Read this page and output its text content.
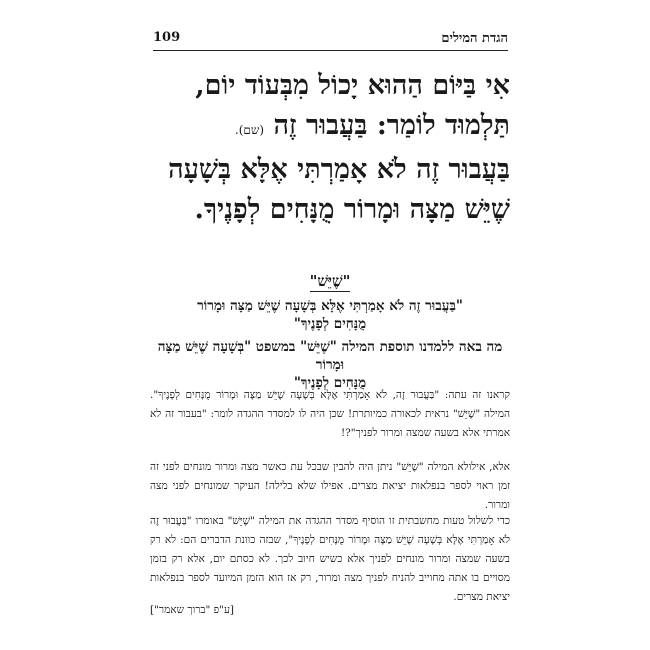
109	הגדת המילים
אִי בַּיּוֹם הַהוּא יָכוֹל מִבְּעוֹד יוֹם,
תַּלְמוּד לוֹמַר: בַּעֲבוּר זֶה (שם).
בַּעֲבוּר זֶה לֹא אָמַרְתִּי אֶלָּא בְּשָׁעָה
שֶׁיֵּשׁ מַצָּה וּמָרוֹר מֻנָּחִים לְפָנֶיךָ.
"שֶׁיֵּשׁ"
"בַּעֲבוּר זֶה לֹא אָמַרְתִּי אֶלָּא בְּשָׁעָה שֶׁיֵּשׁ מַצָּה וּמָרוֹר
מֻנָּחִים לְפָנֶיךָ"
מה באה ללמדנו תוספת המילה "שֶׁיֵּשׁ" במשפט "בְּשָׁעָה שֶׁיֵּשׁ מַצָּה וּמָרוֹר
מֻנָּחִים לְפָנֶיךָ"
קראנו זה עתה: "בַּעֲבוּר זֶה, לֹא אָמַרְתִּי אֶלָּא בְּשָׁעָה שֶׁיֵּשׁ מַצָּה וּמָרוֹר מֻנָּחִים לְפָנֶיךָ". המילה "שֶׁיֵּשׁ" נראית לכאורה כמיותרת! שכן היה לו למסדר ההגדה לומר: "בעבור זה לא אמרתי אלא בשעה שמצה ומרור לפניך"?!
אלא, אילולא המילה "שֶׁיֵּשׁ" ניתן היה להבין שבכל עת כאשר מצה ומרור מונחים לפני זה זמן ראוי לספר בנפלאות יציאת מצרים. אפילו שלא בלילה! העיקר שמונחים לפני מצה ומרור.
כדי לשלול טעות מחשבתית זו הוסיף מסדר ההגדה את המילה "שֶׁיֵּשׁ" באומרו "בַּעֲבוּר זֶה לֹא אָמַרְתִּי אֶלָּא בְּשָׁעָה שֶׁיֵּשׁ מַצָּה וּמָרוֹר מֻנָּחִים לְפָנֶיךָ", שבזה כוונת הדברים הם: לא רק בשעה שמצה ומרור מונחים לפניך אלא כשיש חיוב לכך. לא כסתם יום, אלא רק בזמן מסויים בו אתה מחוייב להניח לפניך מצה ומרור, רק אז הוא הזמן המיועד לספר בנפלאות יציאת מצרים.
[ע"פ "ברוך שאמר"]
